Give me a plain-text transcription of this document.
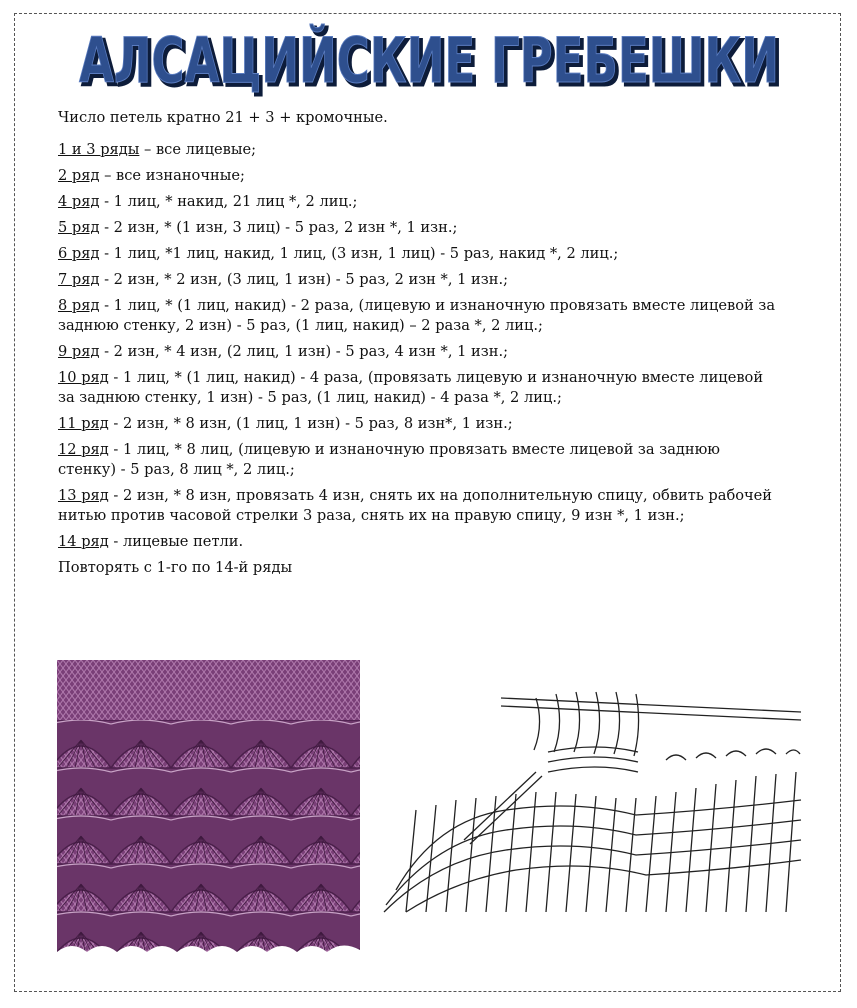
АЛСАЦИЙСКИЕ ГРЕБЕШКИ
АЛСАЦИЙСКИЕ ГРЕБЕШКИ

Число петель кратно 21 + 3 + кромочные.

1 и 3 ряды – все лицевые;

2 ряд – все изнаночные;

4 ряд - 1 лиц, * накид, 21 лиц *, 2 лиц.;

5 ряд - 2 изн, * (1 изн, 3 лиц) - 5 раз, 2 изн *, 1 изн.;

6 ряд - 1 лиц, *1 лиц, накид, 1 лиц, (3 изн, 1 лиц) - 5 раз, накид *, 2 лиц.;

7 ряд - 2 изн, * 2 изн, (3 лиц, 1 изн) - 5 раз, 2 изн *, 1 изн.;

8 ряд - 1 лиц, * (1 лиц, накид) - 2 раза, (лицевую и изнаночную провязать вместе лицевой за заднюю стенку, 2 изн) - 5 раз, (1 лиц, накид) – 2 раза *, 2 лиц.;

9 ряд - 2 изн, * 4 изн, (2 лиц, 1 изн) - 5 раз, 4 изн *, 1 изн.;

10 ряд - 1 лиц, * (1 лиц, накид) - 4 раза, (провязать лицевую и изнаночную вместе лицевой за заднюю стенку, 1 изн) - 5 раз, (1 лиц, накид) - 4 раза *, 2 лиц.;

11 ряд - 2 изн, * 8 изн, (1 лиц, 1 изн) - 5 раз, 8 изн*, 1 изн.;

12 ряд - 1 лиц, * 8 лиц, (лицевую и изнаночную провязать вместе лицевой за заднюю стенку) - 5 раз, 8 лиц *, 2 лиц.;

13 ряд - 2 изн, * 8 изн, провязать 4 изн, снять их на дополнительную спицу, обвить рабочей нитью против часовой стрелки 3 раза, снять их на правую спицу, 9 изн *, 1 изн.;

14 ряд - лицевые петли.

Повторять с 1-го по 14-й ряды
